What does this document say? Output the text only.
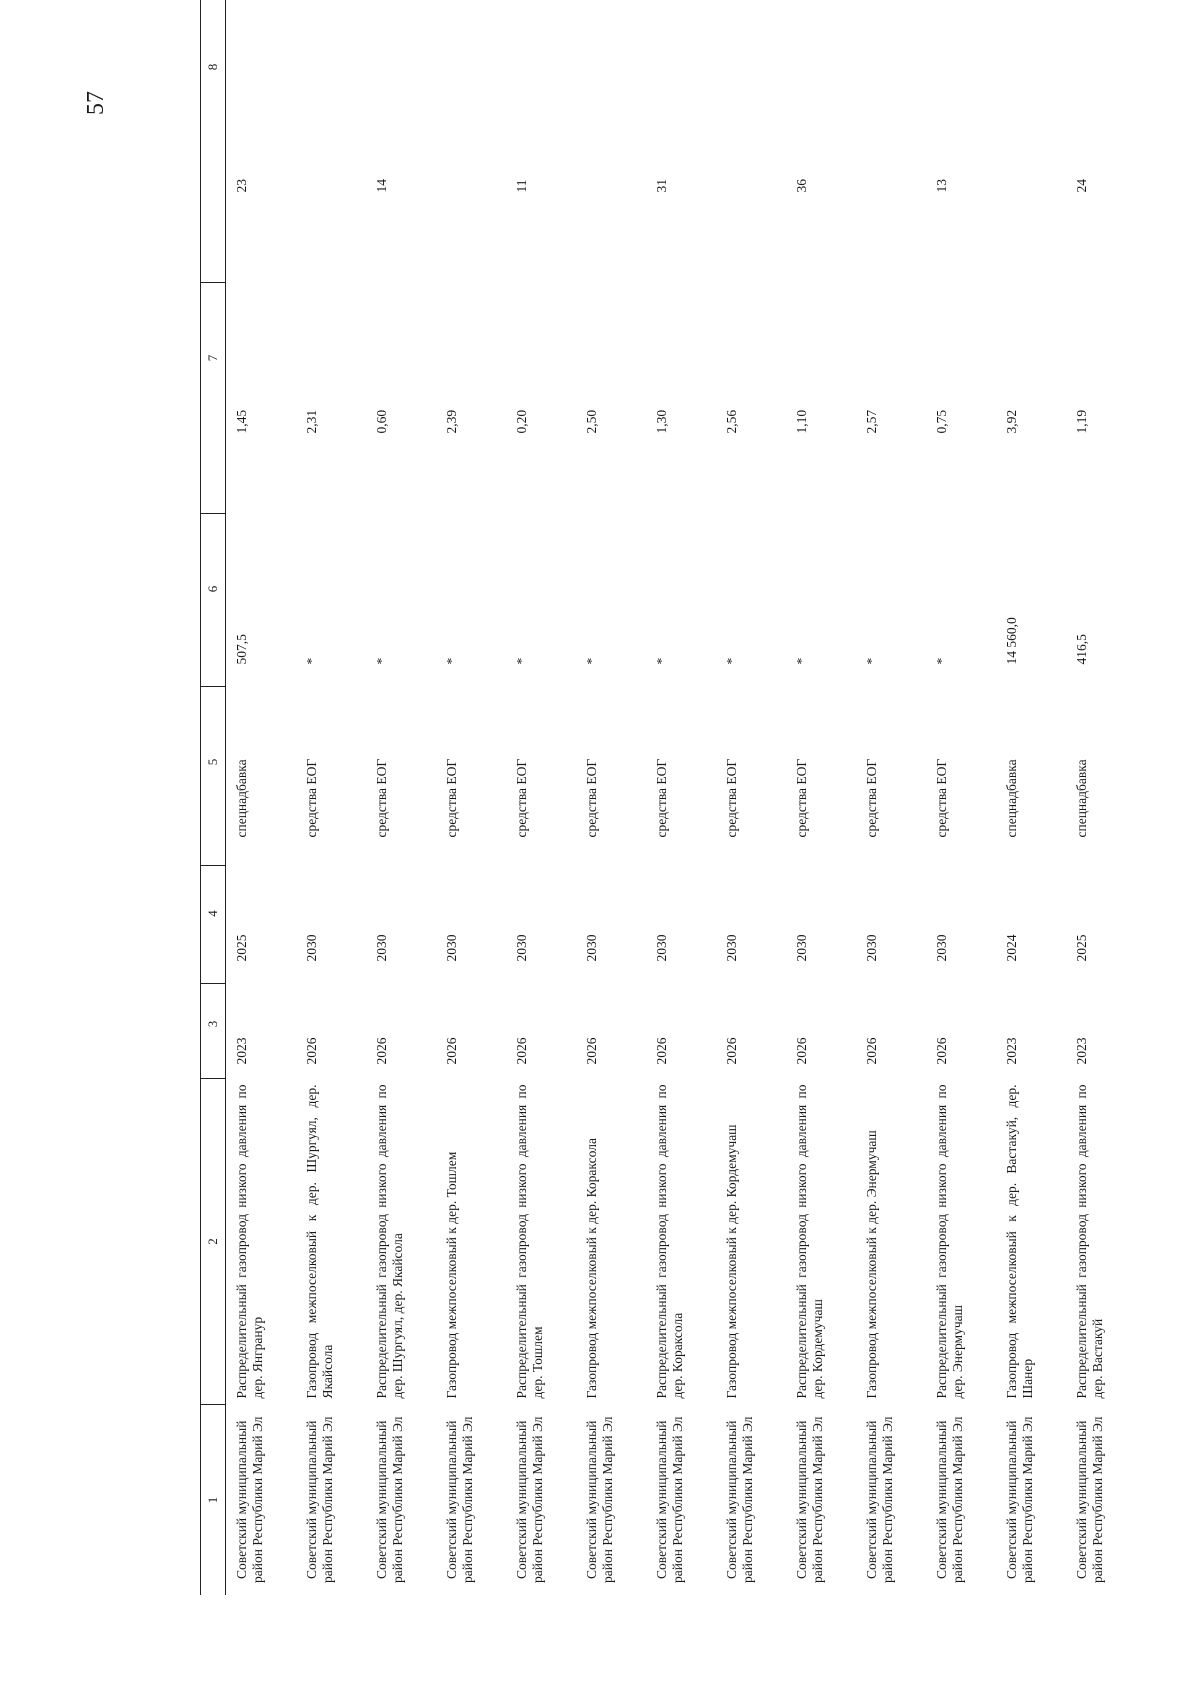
57
1	2	3	4	5	6	7	8

Советский муниципальный район Республики Марий Эл	Распределительный газопровод низкого давления по дер. Янгранур	2023	2025	спецнадбавка	507,5	1,45	23

Советский муниципальный район Республики Марий Эл	Газопровод межпоселковый к дер. Шургуял, дер. Якайсола	2026	2030	средства ЕОГ	*	2,31	

Советский муниципальный район Республики Марий Эл	Распределительный газопровод низкого давления по дер. Шургуял, дер. Якайсола	2026	2030	средства ЕОГ	*	0,60	14

Советский муниципальный район Республики Марий Эл	Газопровод межпоселковый к дер. Тошлем	2026	2030	средства ЕОГ	*	2,39	

Советский муниципальный район Республики Марий Эл	Распределительный газопровод низкого давления по дер. Тошлем	2026	2030	средства ЕОГ	*	0,20	11

Советский муниципальный район Республики Марий Эл	Газопровод межпоселковый к дер. Кораксола	2026	2030	средства ЕОГ	*	2,50	

Советский муниципальный район Республики Марий Эл	Распределительный газопровод низкого давления по дер. Кораксола	2026	2030	средства ЕОГ	*	1,30	31

Советский муниципальный район Республики Марий Эл	Газопровод межпоселковый к дер. Кордемучаш	2026	2030	средства ЕОГ	*	2,56	

Советский муниципальный район Республики Марий Эл	Распределительный газопровод низкого давления по дер. Кордемучаш	2026	2030	средства ЕОГ	*	1,10	36

Советский муниципальный район Республики Марий Эл	Газопровод межпоселковый к дер. Энермучаш	2026	2030	средства ЕОГ	*	2,57	

Советский муниципальный район Республики Марий Эл	Распределительный газопровод низкого давления по дер. Энермучаш	2026	2030	средства ЕОГ	*	0,75	13

Советский муниципальный район Республики Марий Эл	Газопровод межпоселковый к дер. Вастакуй, дер. Шанер	2023	2024	спецнадбавка	14 560,0	3,92	

Советский муниципальный район Республики Марий Эл	Распределительный газопровод низкого давления по дер. Вастакуй	2023	2025	спецнадбавка	416,5	1,19	24
